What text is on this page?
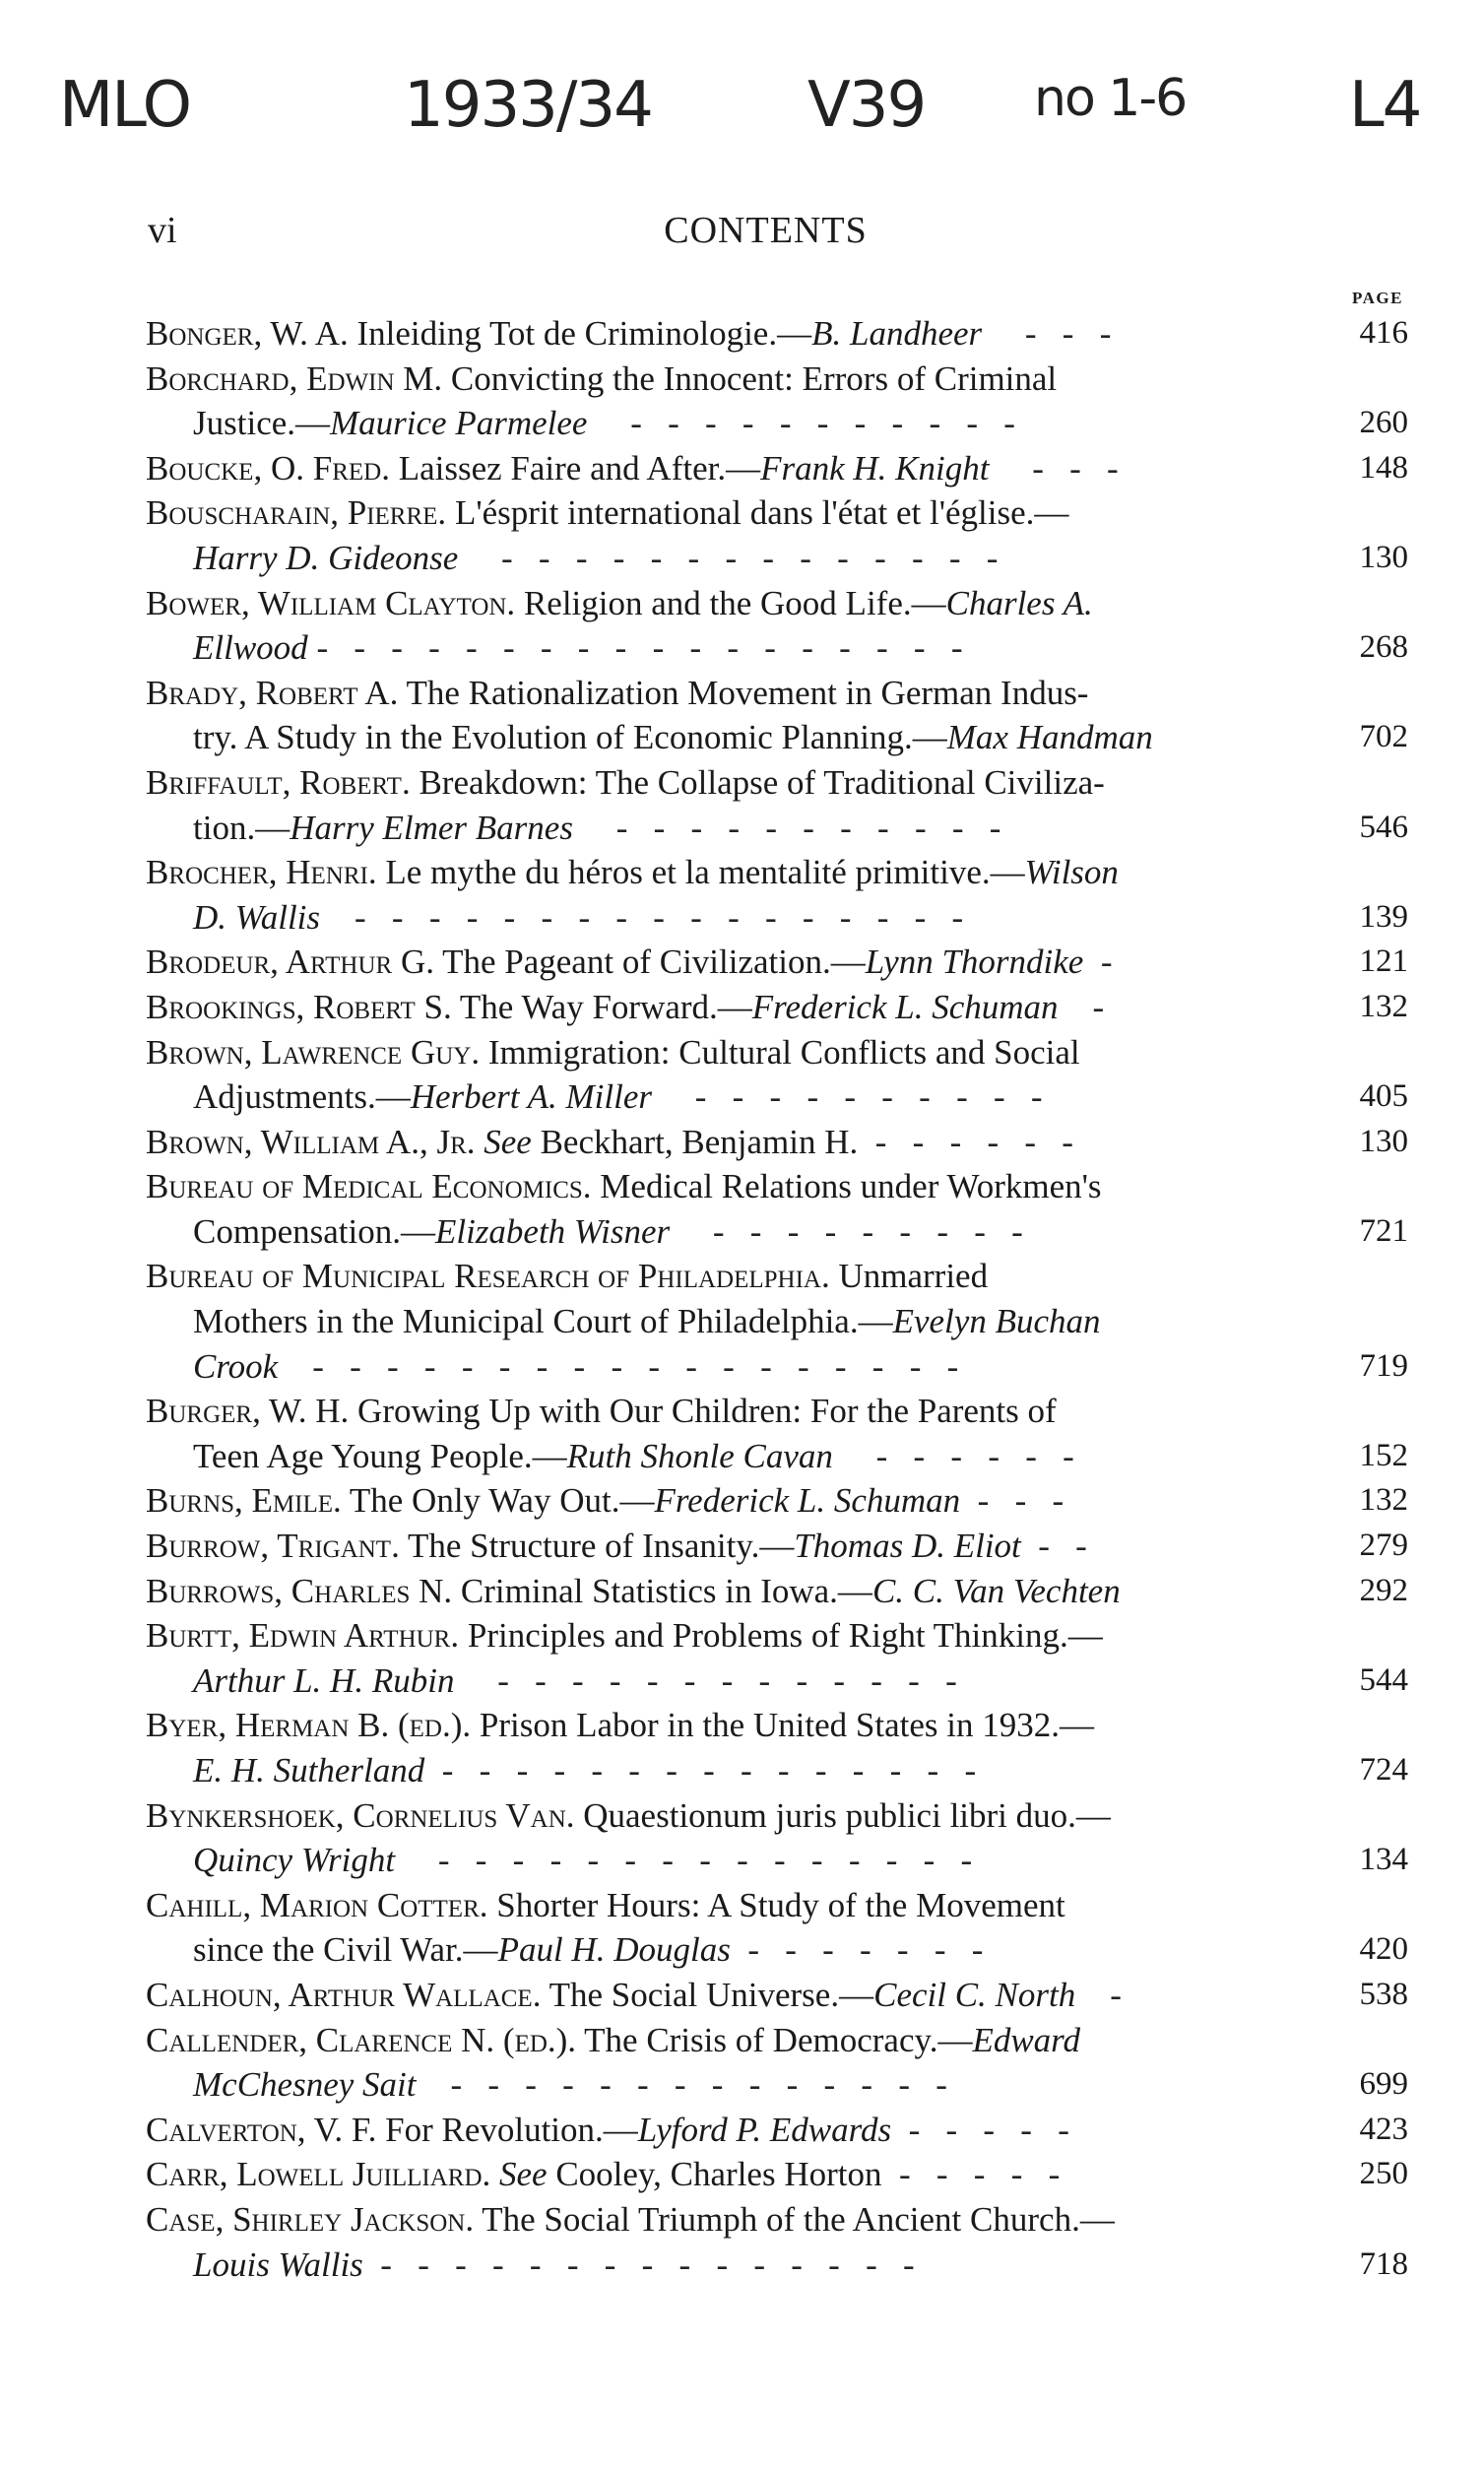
MLO	1933/34 V39 no 1-6	L4
CONTENTS
vi
PAGE
Bonger, W. A. Inleiding Tot de Criminologie.—B. Landheer     -   -   -	416
Borchard, Edwin M. Convicting the Innocent: Errors of Criminal
Justice.—Maurice Parmelee     -   -   -   -   -   -   -   -   -   -   -	260
Boucke, O. Fred. Laissez Faire and After.—Frank H. Knight     -   -   -	148
Bouscharain, Pierre. L'ésprit international dans l'état et l'église.—
Harry D. Gideonse     -   -   -   -   -   -   -   -   -   -   -   -   -   -	130
Bower, William Clayton. Religion and the Good Life.—Charles A.
Ellwood -   -   -   -   -   -   -   -   -   -   -   -   -   -   -   -   -   -	268
Brady, Robert A. The Rationalization Movement in German Indus-
try. A Study in the Evolution of Economic Planning.—Max Handman	702
Briffault, Robert. Breakdown: The Collapse of Traditional Civiliza-
tion.—Harry Elmer Barnes     -   -   -   -   -   -   -   -   -   -   -	546
Brocher, Henri. Le mythe du héros et la mentalité primitive.—Wilson
D. Wallis    -   -   -   -   -   -   -   -   -   -   -   -   -   -   -   -   -	139
Brodeur, Arthur G. The Pageant of Civilization.—Lynn Thorndike  -	121
Brookings, Robert S. The Way Forward.—Frederick L. Schuman    -	132
Brown, Lawrence Guy. Immigration: Cultural Conflicts and Social
Adjustments.—Herbert A. Miller     -   -   -   -   -   -   -   -   -   -	405
Brown, William A., Jr. See Beckhart, Benjamin H.  -   -   -   -   -   -	130
Bureau of Medical Economics. Medical Relations under Workmen's
Compensation.—Elizabeth Wisner     -   -   -   -   -   -   -   -   -	721
Bureau of Municipal Research of Philadelphia. Unmarried
Mothers in the Municipal Court of Philadelphia.—Evelyn Buchan
Crook    -   -   -   -   -   -   -   -   -   -   -   -   -   -   -   -   -   -	719
Burger, W. H. Growing Up with Our Children: For the Parents of
Teen Age Young People.—Ruth Shonle Cavan     -   -   -   -   -   -	152
Burns, Emile. The Only Way Out.—Frederick L. Schuman  -   -   -	132
Burrow, Trigant. The Structure of Insanity.—Thomas D. Eliot  -   -	279
Burrows, Charles N. Criminal Statistics in Iowa.—C. C. Van Vechten	292
Burtt, Edwin Arthur. Principles and Problems of Right Thinking.—
Arthur L. H. Rubin     -   -   -   -   -   -   -   -   -   -   -   -   -	544
Byer, Herman B. (ed.). Prison Labor in the United States in 1932.—
E. H. Sutherland  -   -   -   -   -   -   -   -   -   -   -   -   -   -   -	724
Bynkershoek, Cornelius Van. Quaestionum juris publici libri duo.—
Quincy Wright     -   -   -   -   -   -   -   -   -   -   -   -   -   -   -	134
Cahill, Marion Cotter. Shorter Hours: A Study of the Movement
since the Civil War.—Paul H. Douglas  -   -   -   -   -   -   -	420
Calhoun, Arthur Wallace. The Social Universe.—Cecil C. North    -	538
Callender, Clarence N. (ed.). The Crisis of Democracy.—Edward
McChesney Sait    -   -   -   -   -   -   -   -   -   -   -   -   -   -	699
Calverton, V. F. For Revolution.—Lyford P. Edwards  -   -   -   -   -	423
Carr, Lowell Juilliard. See Cooley, Charles Horton  -   -   -   -   -	250
Case, Shirley Jackson. The Social Triumph of the Ancient Church.—
Louis Wallis  -   -   -   -   -   -   -   -   -   -   -   -   -   -   -	718
